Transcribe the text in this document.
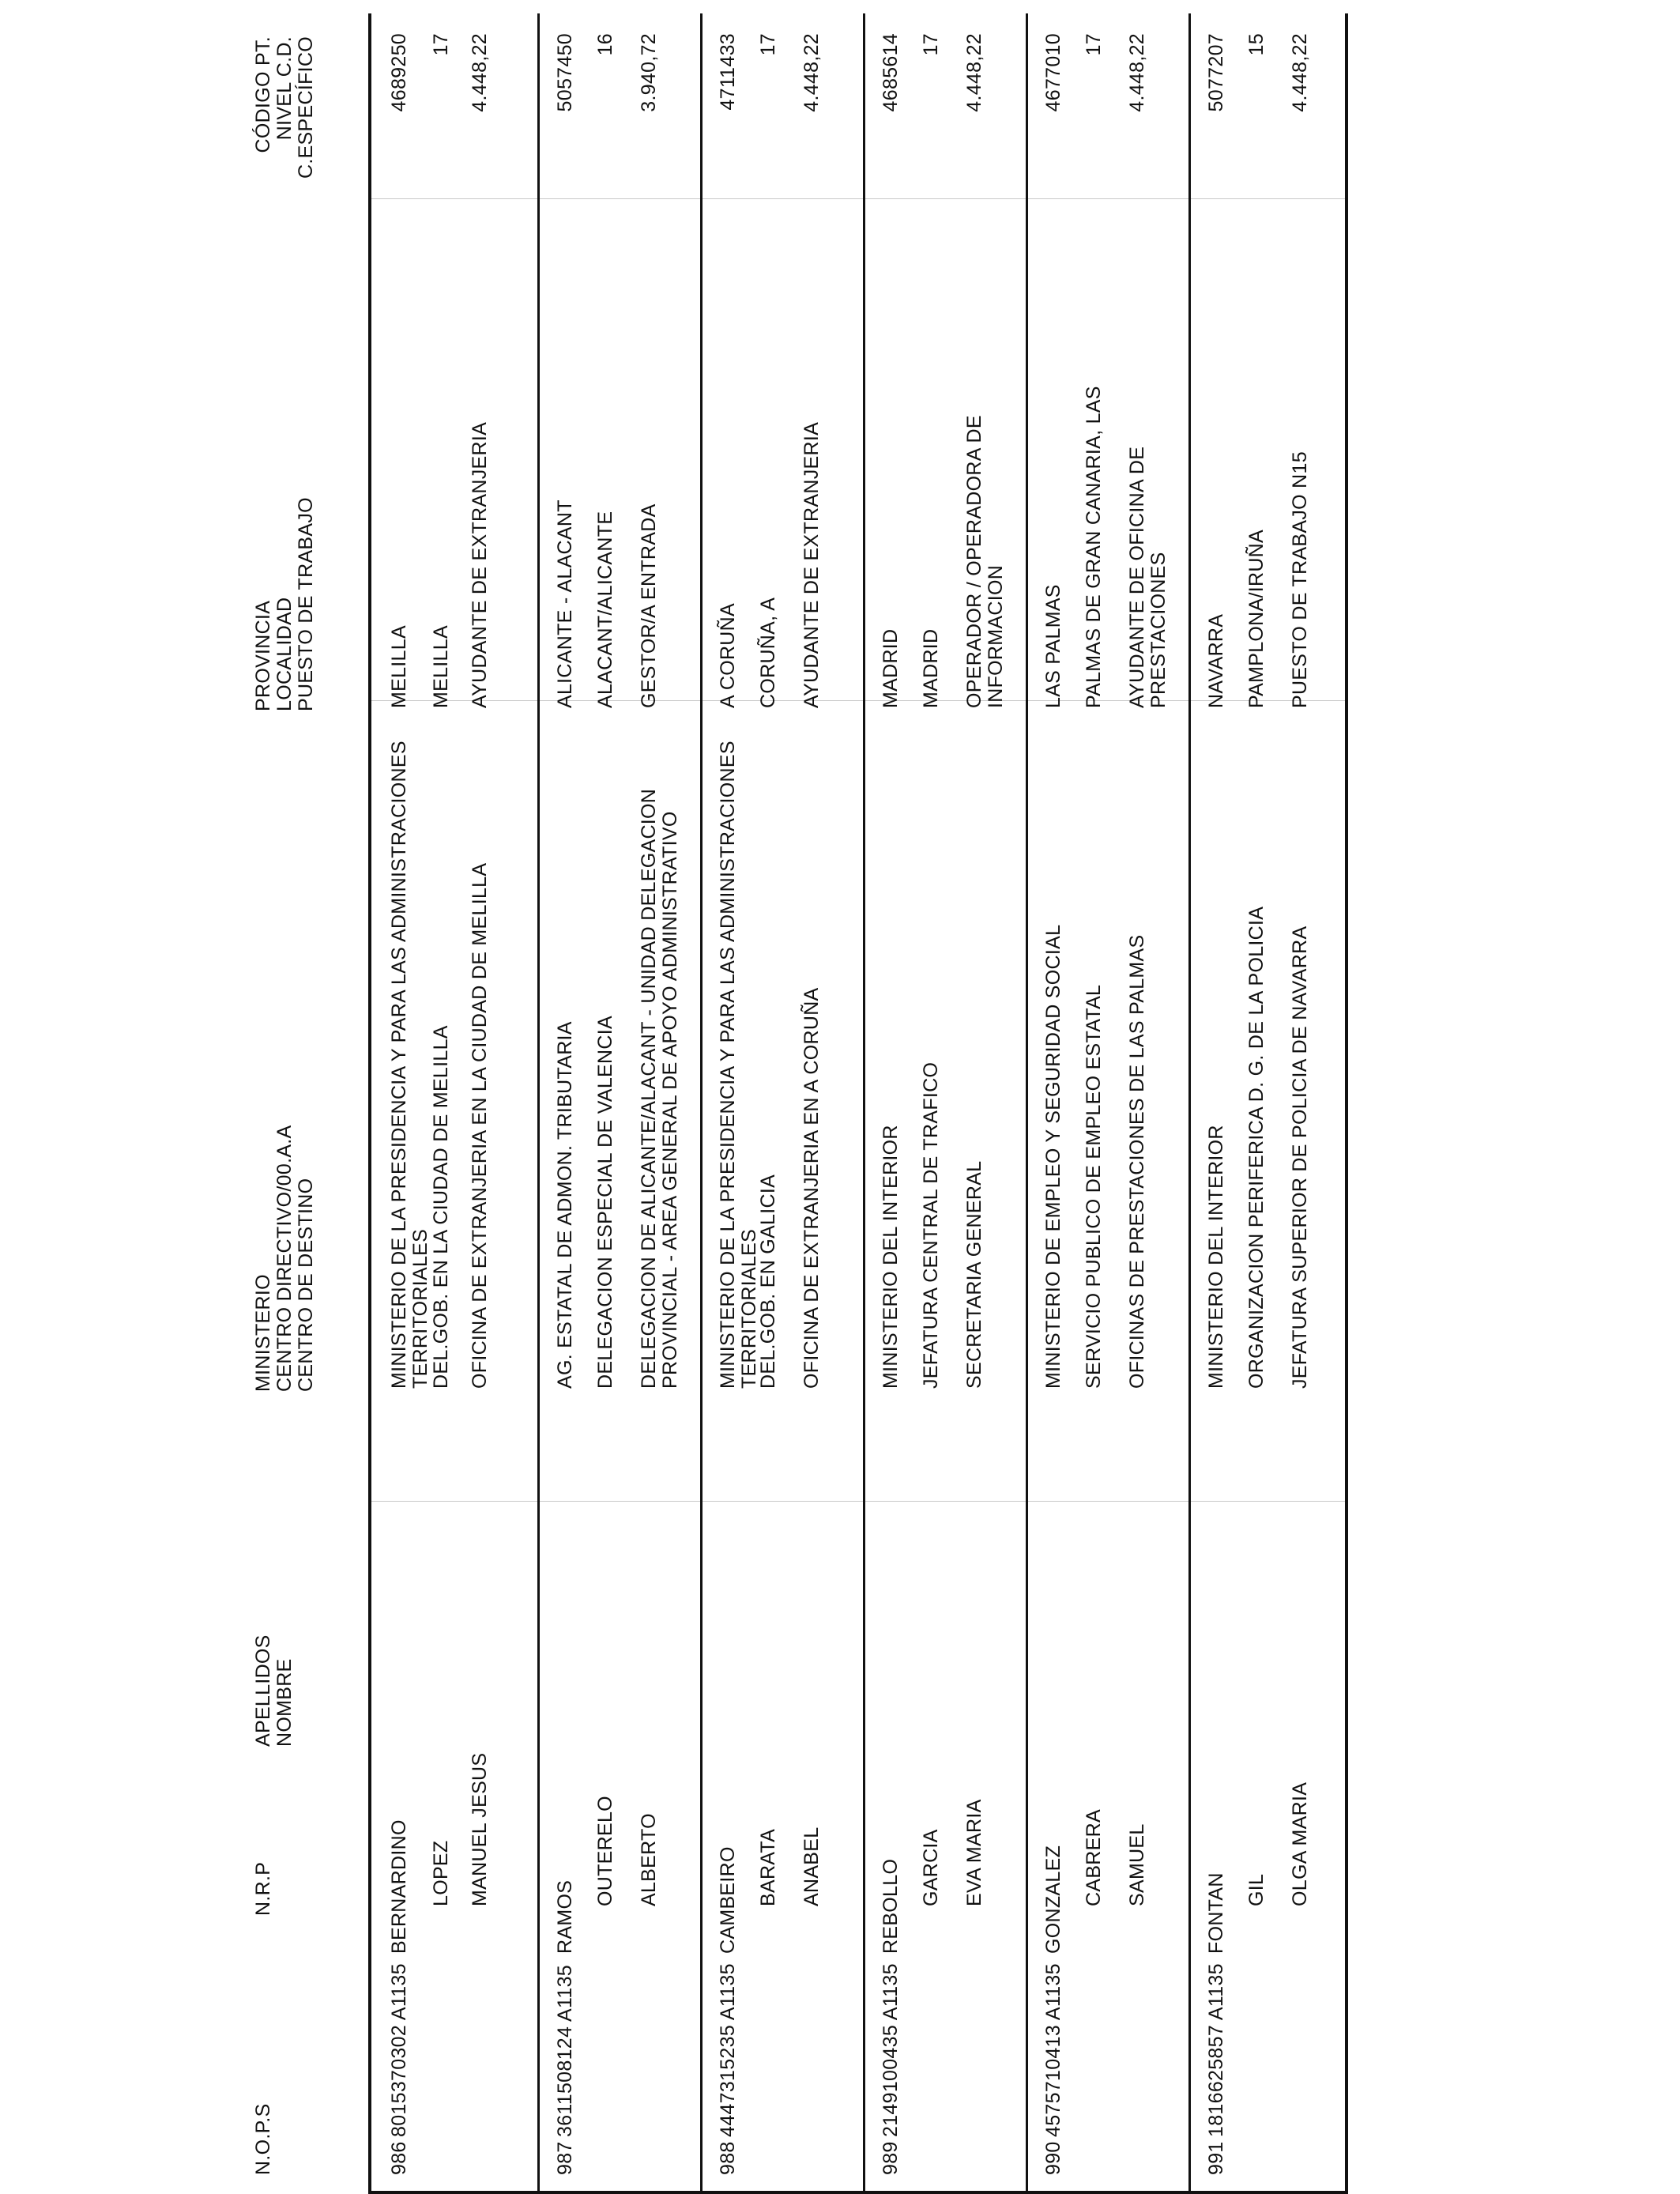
N.O.P.S
N.R.P
APELLIDOS NOMBRE
MINISTERIO CENTRO DIRECTIVO/00.A.A CENTRO DE DESTINO
PROVINCIA LOCALIDAD PUESTO DE TRABAJO
CÓDIGO PT. NIVEL C.D. C.ESPECÍFICO
986
8015370302 A1135
BERNARDINO LOPEZ MANUEL JESUS
MINISTERIO DE LA PRESIDENCIA Y PARA LAS ADMINISTRACIONES TERRITORIALES
DEL.GOB. EN LA CIUDAD DE MELILLA OFICINA DE EXTRANJERIA EN LA CIUDAD DE MELILLA
MELILLA MELILLA AYUDANTE DE EXTRANJERIA
4689250 17 4.448,22
987
3611508124 A1135
RAMOS
OUTERELO ALBERTO
AG. ESTATAL DE ADMON. TRIBUTARIA DELEGACION ESPECIAL DE VALENCIA DELEGACION DE ALICANTE/ALACANT - UNIDAD DELEGACION PROVINCIAL - AREA GENERAL DE APOYO ADMINISTRATIVO
ALICANTE - ALACANT ALACANT/ALICANTE GESTOR/A ENTRADA
5057450 16 3.940,72
988
4447315235 A1135
CAMBEIRO BARATA ANABEL
MINISTERIO DE LA PRESIDENCIA Y PARA LAS ADMINISTRACIONES TERRITORIALES
DEL.GOB. EN GALICIA OFICINA DE EXTRANJERIA EN A CORUÑA
A CORUÑA CORUÑA, A AYUDANTE DE EXTRANJERIA
4711433 17 4.448,22
989
2149100435 A1135
REBOLLO GARCIA EVA MARIA
MINISTERIO DEL INTERIOR JEFATURA CENTRAL DE TRAFICO SECRETARIA GENERAL
MADRID MADRID OPERADOR / OPERADORA DE INFORMACION
4685614 17 4.448,22
990
4575710413 A1135
GONZALEZ CABRERA SAMUEL
MINISTERIO DE EMPLEO Y SEGURIDAD SOCIAL SERVICIO PUBLICO DE EMPLEO ESTATAL OFICINAS DE PRESTACIONES DE LAS PALMAS
LAS PALMAS PALMAS DE GRAN CANARIA, LAS AYUDANTE DE OFICINA DE PRESTACIONES
4677010 17 4.448,22
991
1816625857 A1135
FONTAN GIL OLGA MARIA
MINISTERIO DEL INTERIOR ORGANIZACION PERIFERICA D. G. DE LA POLICIA JEFATURA SUPERIOR DE POLICIA DE NAVARRA
NAVARRA PAMPLONA/IRUÑA PUESTO DE TRABAJO N15
5077207 15 4.448,22
